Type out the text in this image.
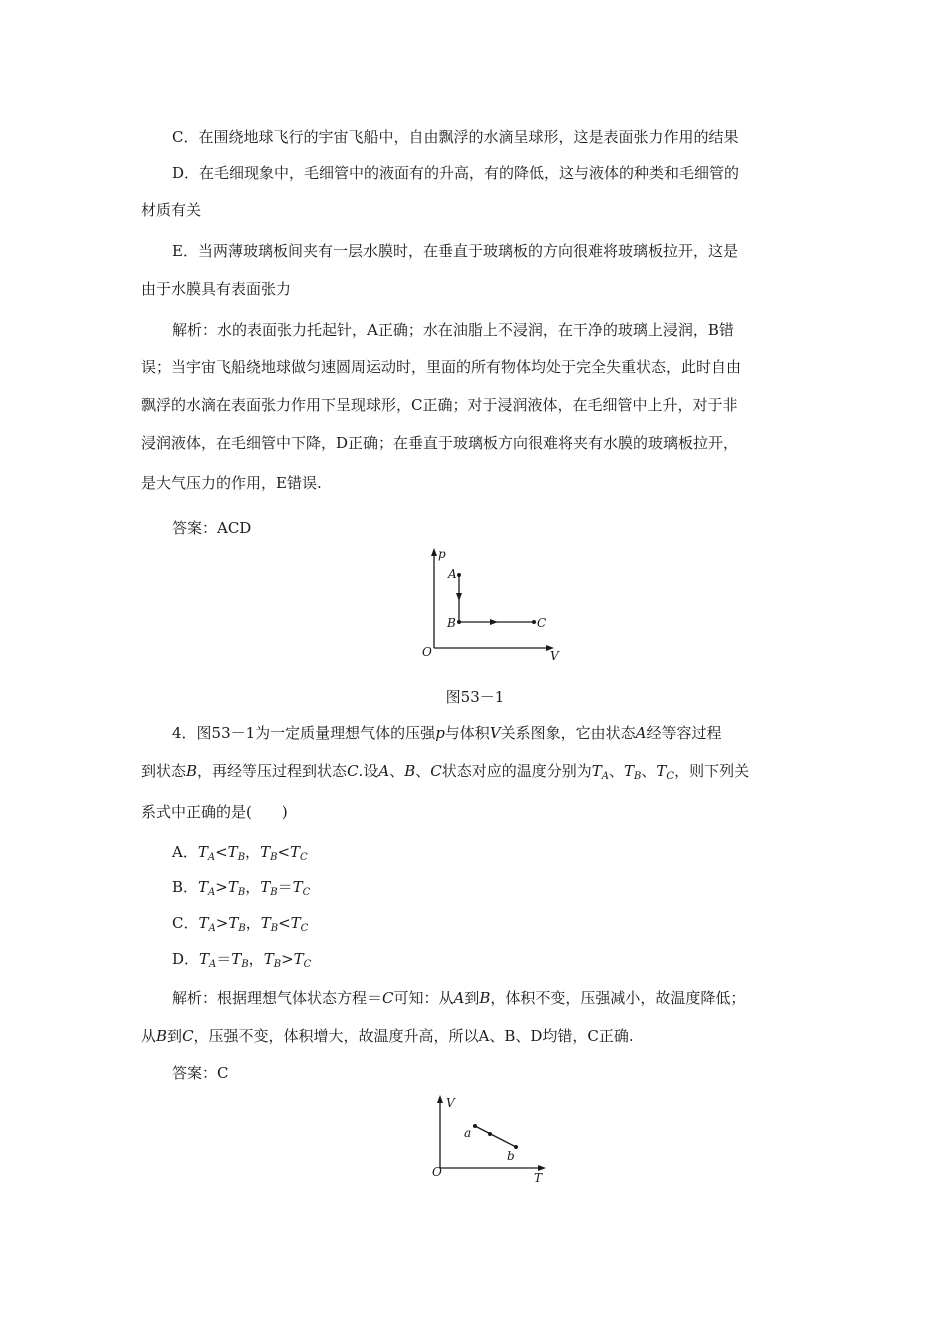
C．在围绕地球飞行的宇宙飞船中，自由飘浮的水滴呈球形，这是表面张力作用的结果
D．在毛细现象中，毛细管中的液面有的升高，有的降低，这与液体的种类和毛细管的
材质有关
E．当两薄玻璃板间夹有一层水膜时，在垂直于玻璃板的方向很难将玻璃板拉开，这是
由于水膜具有表面张力
解析：水的表面张力托起针，A正确；水在油脂上不浸润，在干净的玻璃上浸润，B错
误；当宇宙飞船绕地球做匀速圆周运动时，里面的所有物体均处于完全失重状态，此时自由
飘浮的水滴在表面张力作用下呈现球形，C正确；对于浸润液体，在毛细管中上升，对于非
浸润液体，在毛细管中下降，D正确；在垂直于玻璃板方向很难将夹有水膜的玻璃板拉开，
是大气压力的作用，E错误.
答案：ACD
p
V
O
A
B	C
图53－1
4．图53－1为一定质量理想气体的压强p与体积V关系图象，它由状态A经等容过程
到状态B，再经等压过程到状态C.设A、B、C状态对应的温度分别为$T_A$、$T_B$、$T_C$，则下列关
系式中正确的是(　　)
A．$T_A<T_B$，$T_B<T_C$
B．$T_A>T_B$，$T_B=T_C$
C．$T_A>T_B$，$T_B<T_C$
D．$T_A=T_B$，$T_B>T_C$
解析：根据理想气体状态方程＝C可知：从A到B，体积不变，压强减小，故温度降低；
从B到C，压强不变，体积增大，故温度升高，所以A、B、D均错，C正确.
答案：C
V
T
O
a
b
